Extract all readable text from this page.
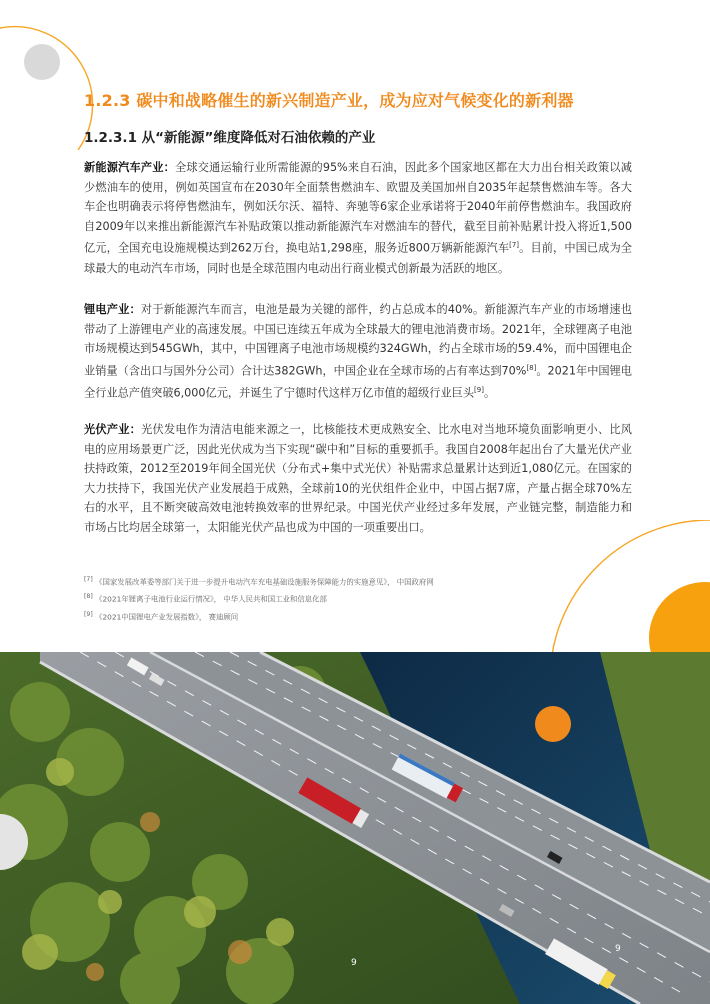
1.2.3 碳中和战略催生的新兴制造产业，成为应对气候变化的新利器
1.2.3.1 从“新能源”维度降低对石油依赖的产业
新能源汽车产业：全球交通运输行业所需能源的95%来自石油，因此多个国家地区都在大力出台相关政策以减少燃油车的使用，例如英国宣布在2030年全面禁售燃油车、欧盟及美国加州自2035年起禁售燃油车等。各大车企也明确表示将停售燃油车，例如沃尔沃、福特、奔驰等6家企业承诺将于2040年前停售燃油车。我国政府自2009年以来推出新能源汽车补贴政策以推动新能源汽车对燃油车的替代，截至目前补贴累计投入将近1,500亿元，全国充电设施规模达到262万台，换电站1,298座，服务近800万辆新能源汽车[7]。目前，中国已成为全球最大的电动汽车市场，同时也是全球范围内电动出行商业模式创新最为活跃的地区。
锂电产业：对于新能源汽车而言，电池是最为关键的部件，约占总成本的40%。新能源汽车产业的市场增速也带动了上游锂电产业的高速发展。中国已连续五年成为全球最大的锂电池消费市场。2021年，全球锂离子电池市场规模达到545GWh，其中，中国锂离子电池市场规模约324GWh，约占全球市场的59.4%，而中国锂电企业销量（含出口与国外分公司）合计达382GWh，中国企业在全球市场的占有率达到70%[8]。2021年中国锂电全行业总产值突破6,000亿元，并诞生了宁德时代这样万亿市值的超级行业巨头[9]。
光伏产业：光伏发电作为清洁电能来源之一，比核能技术更成熟安全、比水电对当地环境负面影响更小、比风电的应用场景更广泛，因此光伏成为当下实现“碳中和”目标的重要抓手。我国自2008年起出台了大量光伏产业扶持政策，2012至2019年间全国光伏（分布式+集中式光伏）补贴需求总量累计达到近1,080亿元。在国家的大力扶持下，我国光伏产业发展趋于成熟，全球前10的光伏组件企业中，中国占据7席，产量占据全球70%左右的水平，且不断突破高效电池转换效率的世界纪录。中国光伏产业经过多年发展，产业链完整，制造能力和市场占比均居全球第一，太阳能光伏产品也成为中国的一项重要出口。
[7] 《国家发展改革委等部门关于进一步提升电动汽车充电基础设施服务保障能力的实施意见》， 中国政府网
[8] 《2021年锂离子电池行业运行情况》， 中华人民共和国工业和信息化部
[9] 《2021中国锂电产业发展指数》， 赛迪顾问
9
9
